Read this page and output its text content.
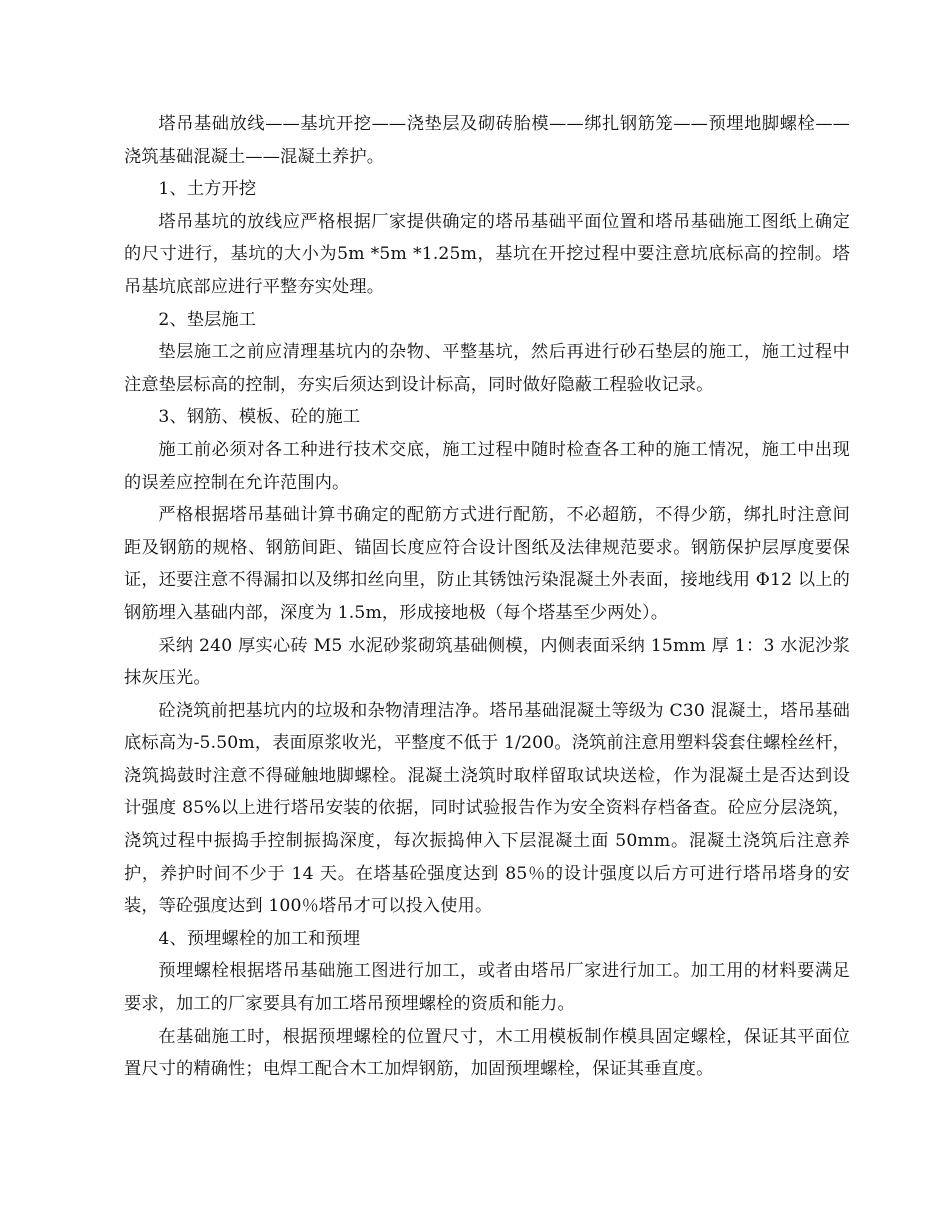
塔吊基础放线——基坑开挖——浇垫层及砌砖胎模——绑扎钢筋笼——预埋地脚螺栓——浇筑基础混凝土——混凝土养护。

1、土方开挖

塔吊基坑的放线应严格根据厂家提供确定的塔吊基础平面位置和塔吊基础施工图纸上确定的尺寸进行，基坑的大小为5m *5m *1.25m，基坑在开挖过程中要注意坑底标高的控制。塔吊基坑底部应进行平整夯实处理。

2、垫层施工

垫层施工之前应清理基坑内的杂物、平整基坑，然后再进行砂石垫层的施工，施工过程中注意垫层标高的控制，夯实后须达到设计标高，同时做好隐蔽工程验收记录。

3、钢筋、模板、砼的施工

施工前必须对各工种进行技术交底，施工过程中随时检查各工种的施工情况，施工中出现的误差应控制在允许范围内。

严格根据塔吊基础计算书确定的配筋方式进行配筋，不必超筋，不得少筋，绑扎时注意间距及钢筋的规格、钢筋间距、锚固长度应符合设计图纸及法律规范要求。钢筋保护层厚度要保证，还要注意不得漏扣以及绑扣丝向里，防止其锈蚀污染混凝土外表面，接地线用 Φ12 以上的钢筋埋入基础内部，深度为 1.5m，形成接地极（每个塔基至少两处）。

采纳 240 厚实心砖 M5 水泥砂浆砌筑基础侧模，内侧表面采纳 15mm 厚 1：3 水泥沙浆抹灰压光。

砼浇筑前把基坑内的垃圾和杂物清理洁净。塔吊基础混凝土等级为 C30 混凝土，塔吊基础底标高为-5.50m，表面原浆收光，平整度不低于 1/200。浇筑前注意用塑料袋套住螺栓丝杆，浇筑捣鼓时注意不得碰触地脚螺栓。混凝土浇筑时取样留取试块送检，作为混凝土是否达到设计强度 85%以上进行塔吊安装的依据，同时试验报告作为安全资料存档备查。砼应分层浇筑，浇筑过程中振捣手控制振捣深度，每次振捣伸入下层混凝土面 50mm。混凝土浇筑后注意养护，养护时间不少于 14 天。在塔基砼强度达到 85％的设计强度以后方可进行塔吊塔身的安装，等砼强度达到 100％塔吊才可以投入使用。

4、预埋螺栓的加工和预埋

预埋螺栓根据塔吊基础施工图进行加工，或者由塔吊厂家进行加工。加工用的材料要满足要求，加工的厂家要具有加工塔吊预埋螺栓的资质和能力。

在基础施工时，根据预埋螺栓的位置尺寸，木工用模板制作模具固定螺栓，保证其平面位置尺寸的精确性；电焊工配合木工加焊钢筋，加固预埋螺栓，保证其垂直度。
